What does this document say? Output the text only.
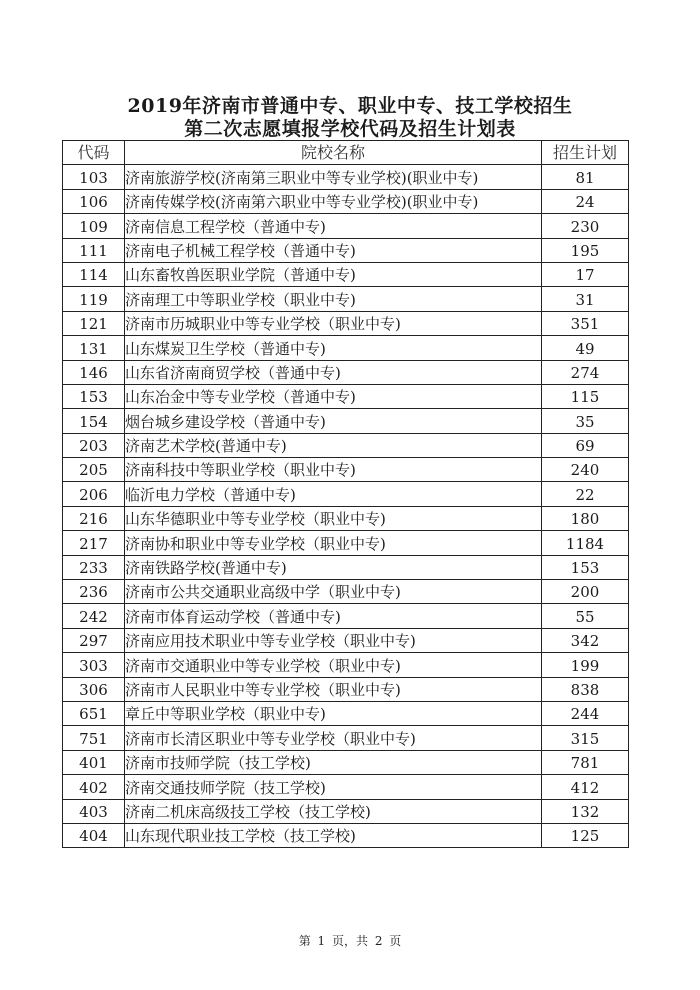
2019年济南市普通中专、职业中专、技工学校招生
第二次志愿填报学校代码及招生计划表
代码	院校名称	招生计划
103	济南旅游学校(济南第三职业中等专业学校)(职业中专)	81
106	济南传媒学校(济南第六职业中等专业学校)(职业中专)	24
109	济南信息工程学校（普通中专)	230
111	济南电子机械工程学校（普通中专)	195
114	山东畜牧兽医职业学院（普通中专)	17
119	济南理工中等职业学校（职业中专)	31
121	济南市历城职业中等专业学校（职业中专)	351
131	山东煤炭卫生学校（普通中专)	49
146	山东省济南商贸学校（普通中专)	274
153	山东冶金中等专业学校（普通中专)	115
154	烟台城乡建设学校（普通中专)	35
203	济南艺术学校(普通中专)	69
205	济南科技中等职业学校（职业中专)	240
206	临沂电力学校（普通中专)	22
216	山东华德职业中等专业学校（职业中专)	180
217	济南协和职业中等专业学校（职业中专)	1184
233	济南铁路学校(普通中专)	153
236	济南市公共交通职业高级中学（职业中专)	200
242	济南市体育运动学校（普通中专)	55
297	济南应用技术职业中等专业学校（职业中专)	342
303	济南市交通职业中等专业学校（职业中专)	199
306	济南市人民职业中等专业学校（职业中专)	838
651	章丘中等职业学校（职业中专)	244
751	济南市长清区职业中等专业学校（职业中专)	315
401	济南市技师学院（技工学校)	781
402	济南交通技师学院（技工学校)	412
403	济南二机床高级技工学校（技工学校)	132
404	山东现代职业技工学校（技工学校)	125
第 1 页，共 2 页
